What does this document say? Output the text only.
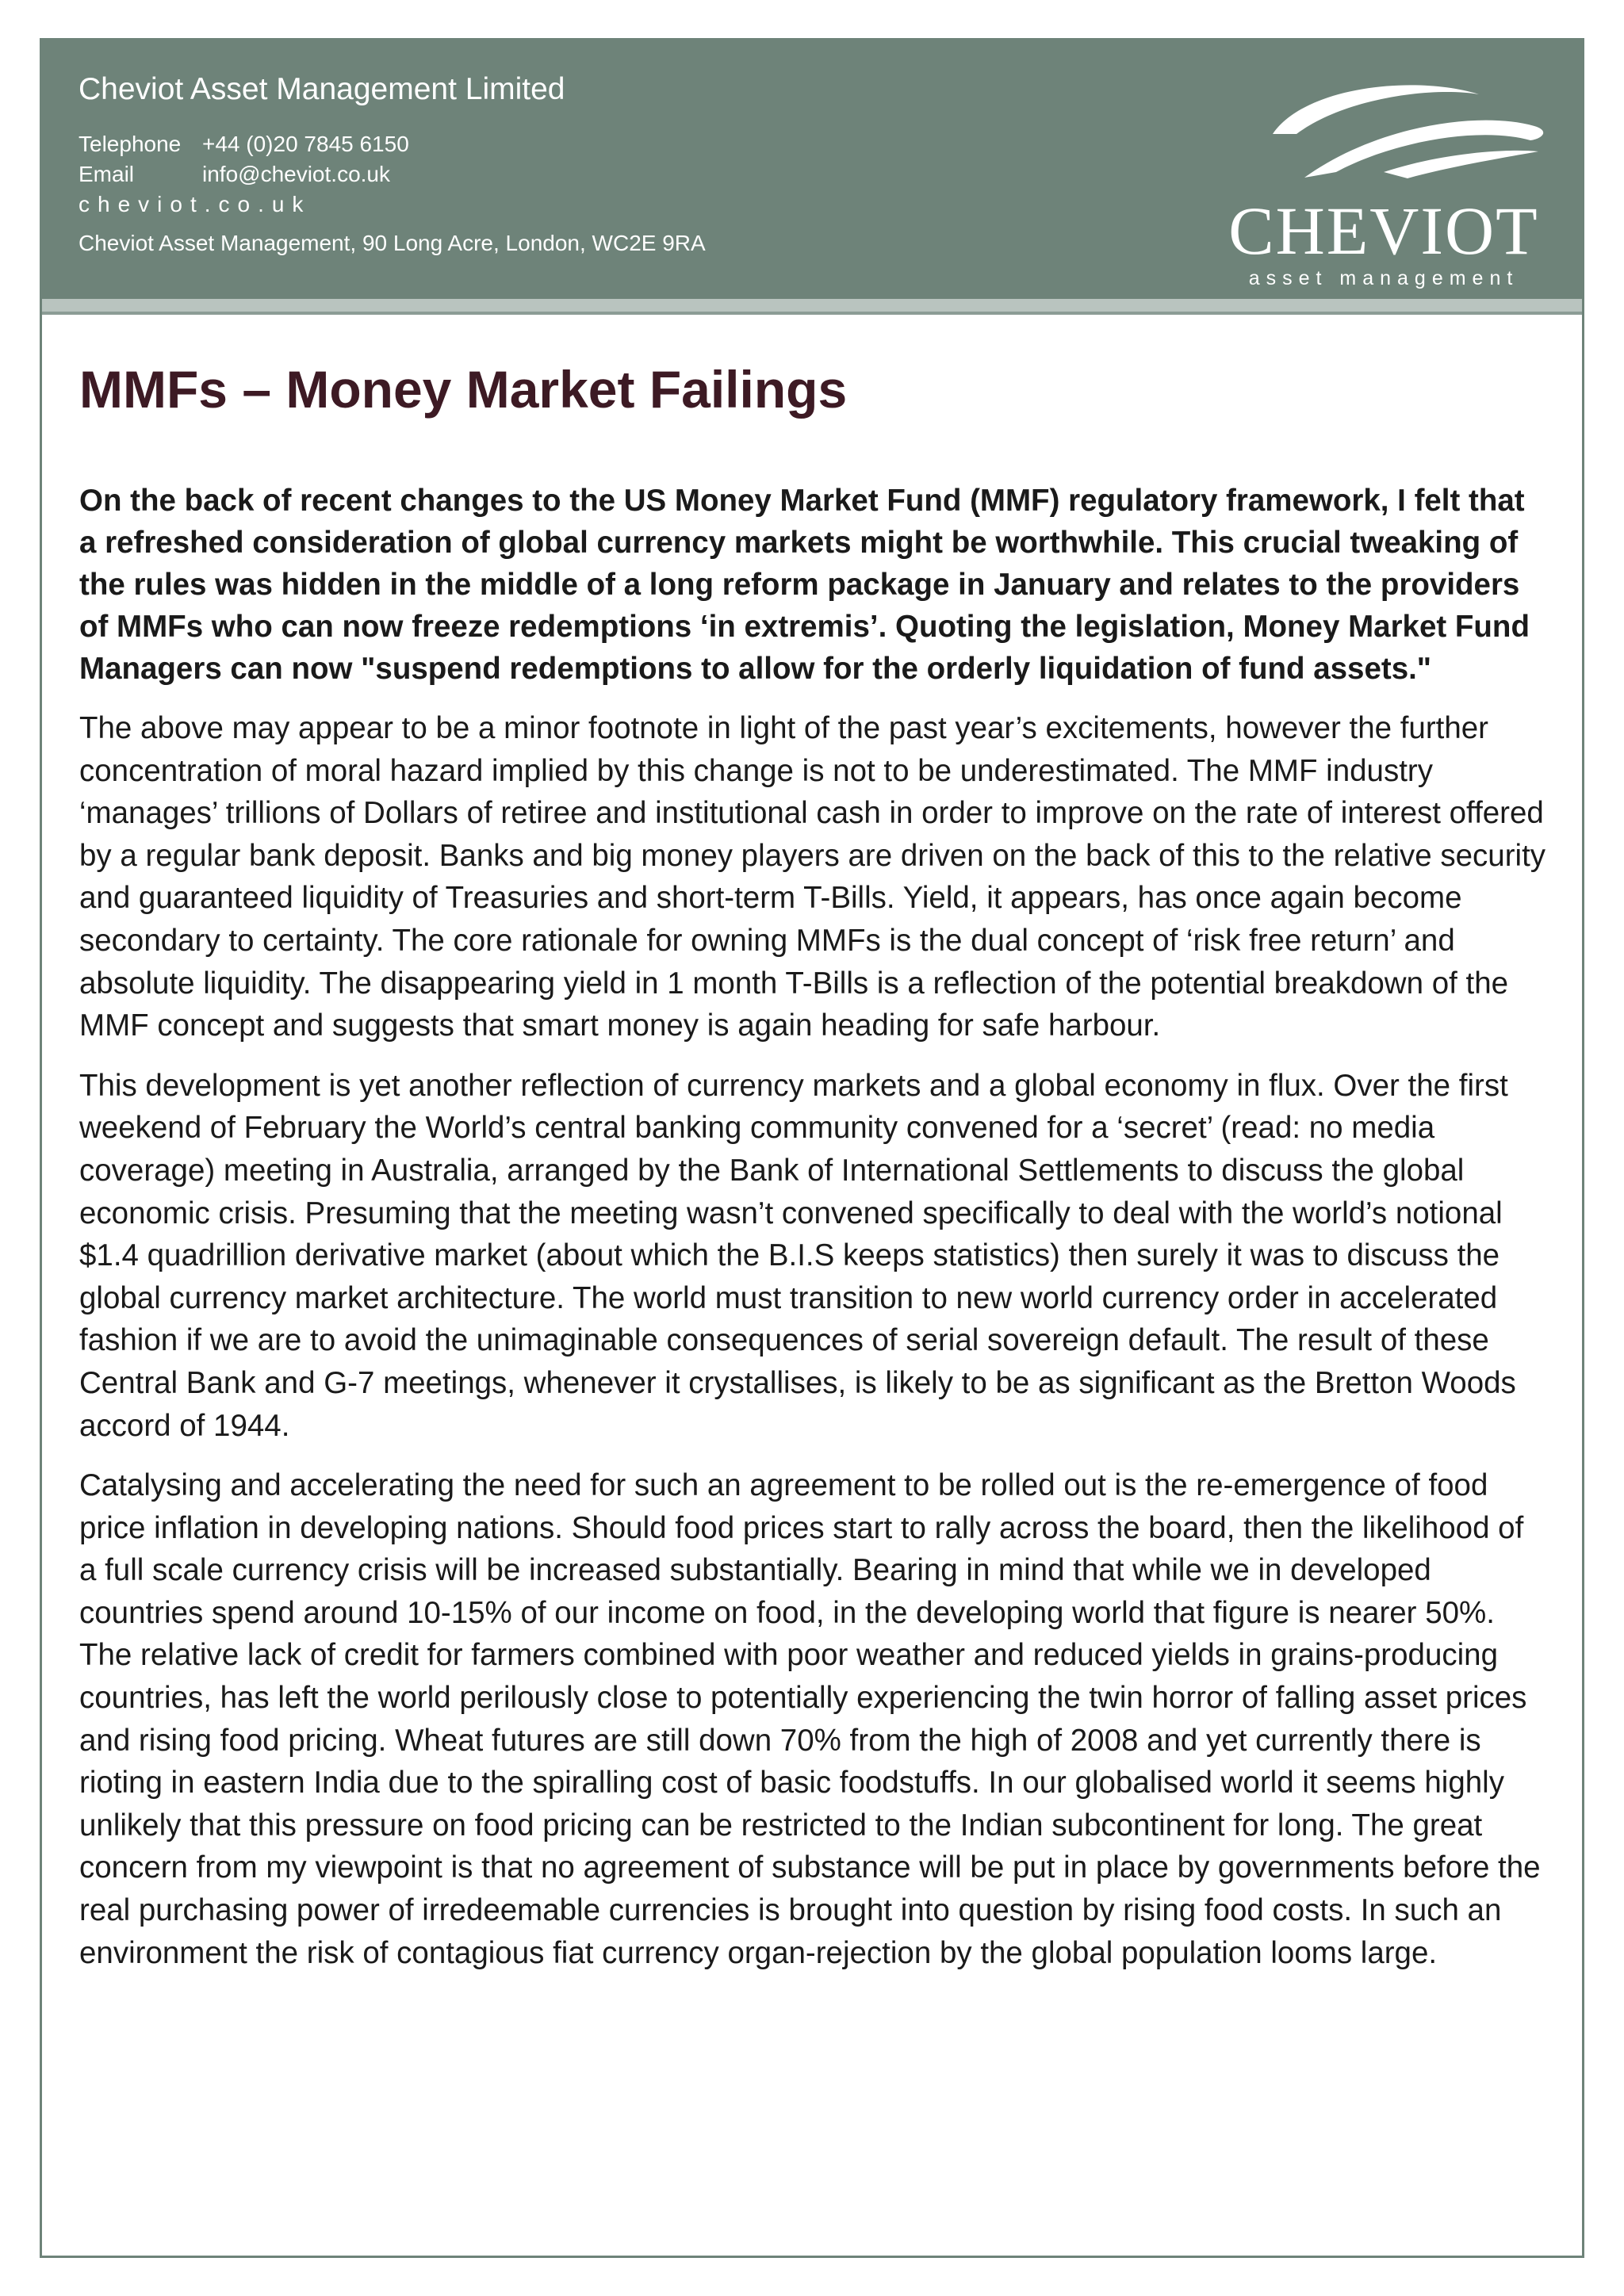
Cheviot Asset Management Limited
Telephone +44 (0)20 7845 6150
Email	info@cheviot.co.uk
cheviot.co.uk
Cheviot Asset Management, 90 Long Acre, London, WC2E 9RA	CHEVIOT
asset management
MMFs – Money Market Failings

On the back of recent changes to the US Money Market Fund (MMF) regulatory framework, I felt that a refreshed consideration of global currency markets might be worthwhile. This crucial tweaking of the rules was hidden in the middle of a long reform package in January and relates to the providers of MMFs who can now freeze redemptions ‘in extremis’. Quoting the legislation, Money Market Fund Managers can now "suspend redemptions to allow for the orderly liquidation of fund assets."

The above may appear to be a minor footnote in light of the past year’s excitements, however the further concentration of moral hazard implied by this change is not to be underestimated. The MMF industry ‘manages’ trillions of Dollars of retiree and institutional cash in order to improve on the rate of interest offered by a regular bank deposit. Banks and big money players are driven on the back of this to the relative security and guaranteed liquidity of Treasuries and short-term T-Bills. Yield, it appears, has once again become secondary to certainty. The core rationale for owning MMFs is the dual concept of ‘risk free return’ and absolute liquidity. The disappearing yield in 1 month T-Bills is a reflection of the potential breakdown of the MMF concept and suggests that smart money is again heading for safe harbour.

This development is yet another reflection of currency markets and a global economy in flux. Over the first weekend of February the World’s central banking community convened for a ‘secret’ (read: no media coverage) meeting in Australia, arranged by the Bank of International Settlements to discuss the global economic crisis. Presuming that the meeting wasn’t convened specifically to deal with the world’s notional $1.4 quadrillion derivative market (about which the B.I.S keeps statistics) then surely it was to discuss the global currency market architecture. The world must transition to new world currency order in accelerated fashion if we are to avoid the unimaginable consequences of serial sovereign default. The result of these Central Bank and G-7 meetings, whenever it crystallises, is likely to be as significant as the Bretton Woods accord of 1944.

Catalysing and accelerating the need for such an agreement to be rolled out is the re-emergence of food price inflation in developing nations. Should food prices start to rally across the board, then the likelihood of a full scale currency crisis will be increased substantially. Bearing in mind that while we in developed countries spend around 10-15% of our income on food, in the developing world that figure is nearer 50%. The relative lack of credit for farmers combined with poor weather and reduced yields in grains-producing countries, has left the world perilously close to potentially experiencing the twin horror of falling asset prices and rising food pricing. Wheat futures are still down 70% from the high of 2008 and yet currently there is rioting in eastern India due to the spiralling cost of basic foodstuffs. In our globalised world it seems highly unlikely that this pressure on food pricing can be restricted to the Indian subcontinent for long. The great concern from my viewpoint is that no agreement of substance will be put in place by governments before the real purchasing power of irredeemable currencies is brought into question by rising food costs. In such an environment the risk of contagious fiat currency organ-rejection by the global population looms large.
